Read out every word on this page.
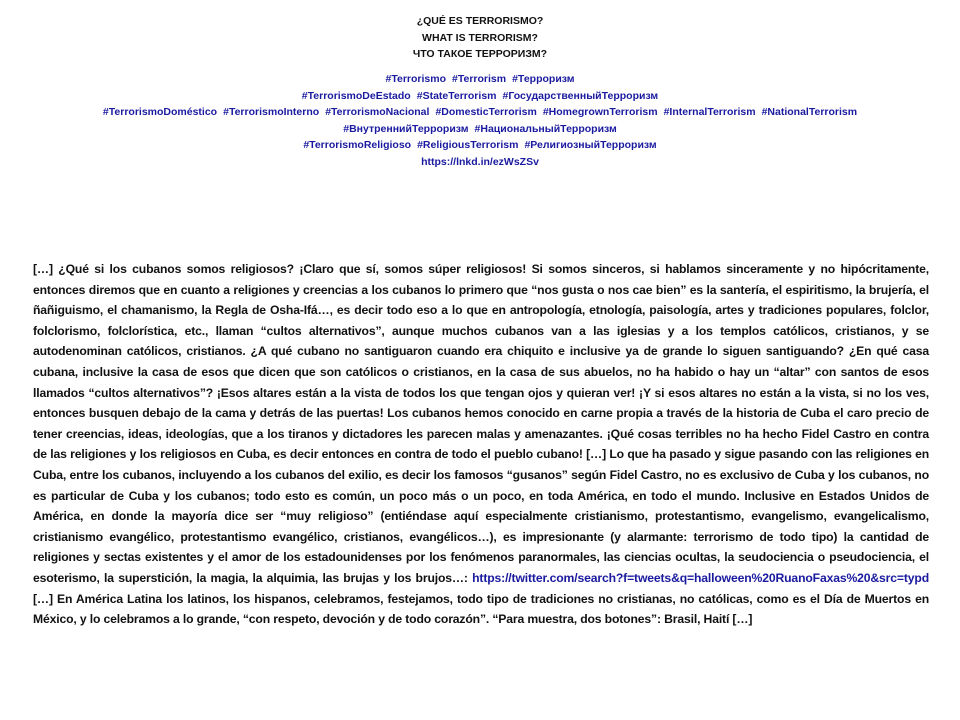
¿QUÉ ES TERRORISMO?
WHAT IS TERRORISM?
ЧТО ТАКОЕ ТЕРРОРИЗМ?
#Terrorismo #Terrorism #Терроризм
#TerrorismoDeEstado #StateTerrorism #ГосударственныйТерроризм
#TerrorismoDoméstico #TerrorismoInterno #TerrorismoNacional #DomesticTerrorism #HomegrownTerrorism #InternalTerrorism #NationalTerrorism
#ВнутреннийТерроризм #НациональныйТерроризм
#TerrorismoReligioso #ReligiousTerrorism #РелигиозныйТерроризм
https://lnkd.in/ezWsZSv
[…] ¿Qué si los cubanos somos religiosos? ¡Claro que sí, somos súper religiosos! Si somos sinceros, si hablamos sinceramente y no hipócritamente, entonces diremos que en cuanto a religiones y creencias a los cubanos lo primero que “nos gusta o nos cae bien” es la santería, el espiritismo, la brujería, el ñañiguismo, el chamanismo, la Regla de Osha-Ifá…, es decir todo eso a lo que en antropología, etnología, paisología, artes y tradiciones populares, folclor, folclorismo, folclorística, etc., llaman “cultos alternativos”, aunque muchos cubanos van a las iglesias y a los templos católicos, cristianos, y se autodenominan católicos, cristianos. ¿A qué cubano no santiguaron cuando era chiquito e inclusive ya de grande lo siguen santiguando? ¿En qué casa cubana, inclusive la casa de esos que dicen que son católicos o cristianos, en la casa de sus abuelos, no ha habido o hay un “altar” con santos de esos llamados “cultos alternativos”? ¡Esos altares están a la vista de todos los que tengan ojos y quieran ver! ¡Y si esos altares no están a la vista, si no los ves, entonces busquen debajo de la cama y detrás de las puertas! Los cubanos hemos conocido en carne propia a través de la historia de Cuba el caro precio de tener creencias, ideas, ideologías, que a los tiranos y dictadores les parecen malas y amenazantes. ¡Qué cosas terribles no ha hecho Fidel Castro en contra de las religiones y los religiosos en Cuba, es decir entonces en contra de todo el pueblo cubano! […] Lo que ha pasado y sigue pasando con las religiones en Cuba, entre los cubanos, incluyendo a los cubanos del exilio, es decir los famosos “gusanos” según Fidel Castro, no es exclusivo de Cuba y los cubanos, no es particular de Cuba y los cubanos; todo esto es común, un poco más o un poco, en toda América, en todo el mundo. Inclusive en Estados Unidos de América, en donde la mayoría dice ser “muy religioso” (entiéndase aquí especialmente cristianismo, protestantismo, evangelismo, evangelicalismo, cristianismo evangélico, protestantismo evangélico, cristianos, evangélicos…), es impresionante (y alarmante: terrorismo de todo tipo) la cantidad de religiones y sectas existentes y el amor de los estadounidenses por los fenómenos paranormales, las ciencias ocultas, la seudociencia o pseudociencia, el esoterismo, la superstición, la magia, la alquimia, las brujas y los brujos…: https://twitter.com/search?f=tweets&q=halloween%20RuanoFaxas%20&src=typd […] En América Latina los latinos, los hispanos, celebramos, festejamos, todo tipo de tradiciones no cristianas, no católicas, como es el Día de Muertos en México, y lo celebramos a lo grande, “con respeto, devoción y de todo corazón”. “Para muestra, dos botones”: Brasil, Haití […]
